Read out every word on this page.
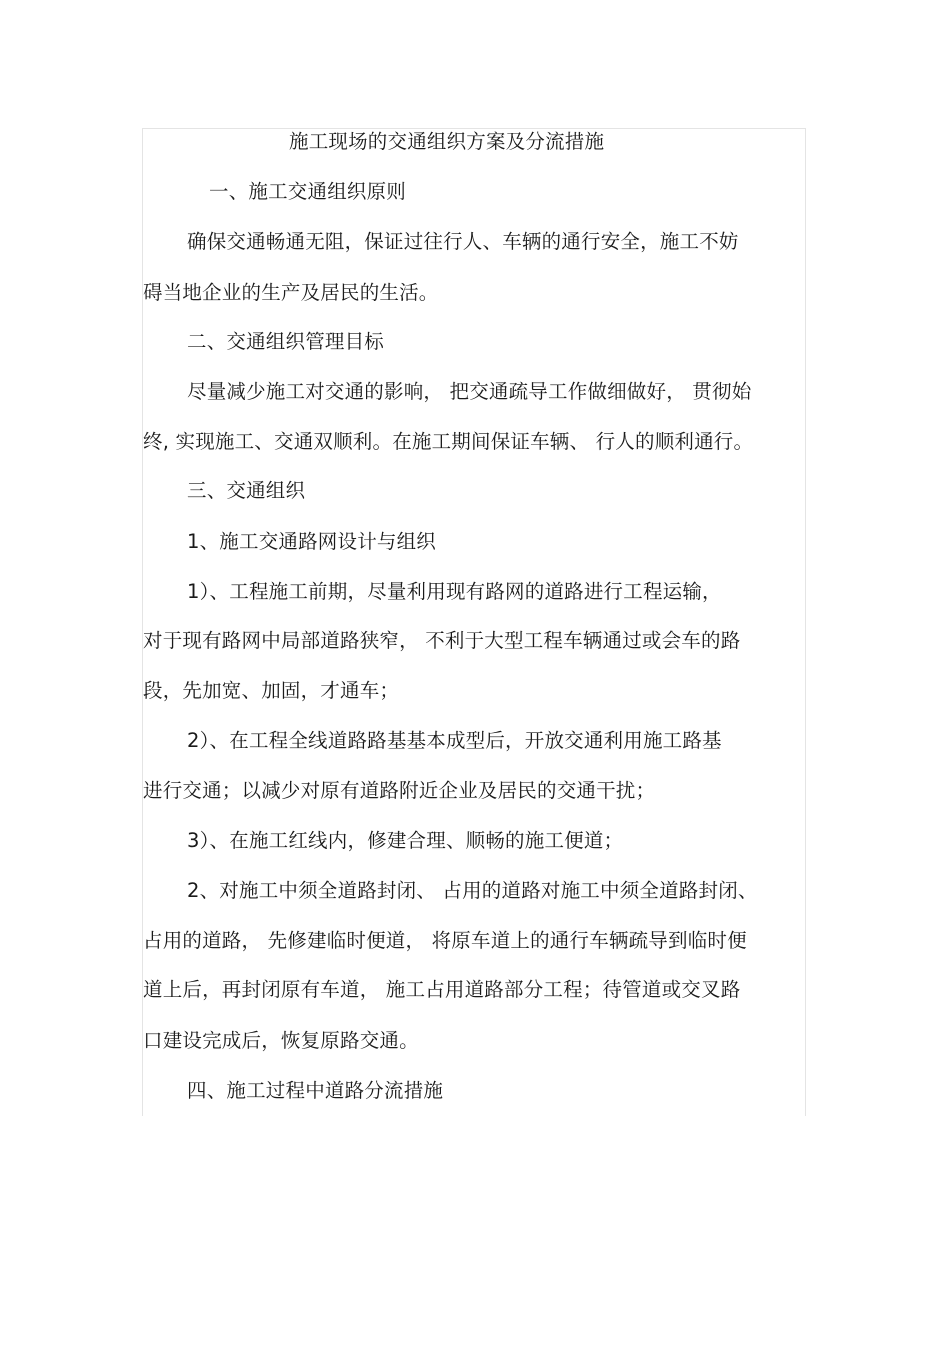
施工现场的交通组织方案及分流措施
一、施工交通组织原则
确保交通畅通无阻，保证过往行人、车辆的通行安全，施工不妨
碍当地企业的生产及居民的生活。
二、交通组织管理目标
尽量减少施工对交通的影响， 把交通疏导工作做细做好， 贯彻始
终, 实现施工、交通双顺利。在施工期间保证车辆、 行人的顺利通行。
三、交通组织
1、施工交通路网设计与组织
1）、工程施工前期，尽量利用现有路网的道路进行工程运输，
对于现有路网中局部道路狭窄， 不利于大型工程车辆通过或会车的路
段，先加宽、加固，才通车；
2）、在工程全线道路路基基本成型后，开放交通利用施工路基
进行交通；以减少对原有道路附近企业及居民的交通干扰；
3）、在施工红线内，修建合理、顺畅的施工便道；
2、对施工中须全道路封闭、 占用的道路对施工中须全道路封闭、
占用的道路， 先修建临时便道， 将原车道上的通行车辆疏导到临时便
道上后，再封闭原有车道， 施工占用道路部分工程；待管道或交叉路
口建设完成后，恢复原路交通。
四、施工过程中道路分流措施
